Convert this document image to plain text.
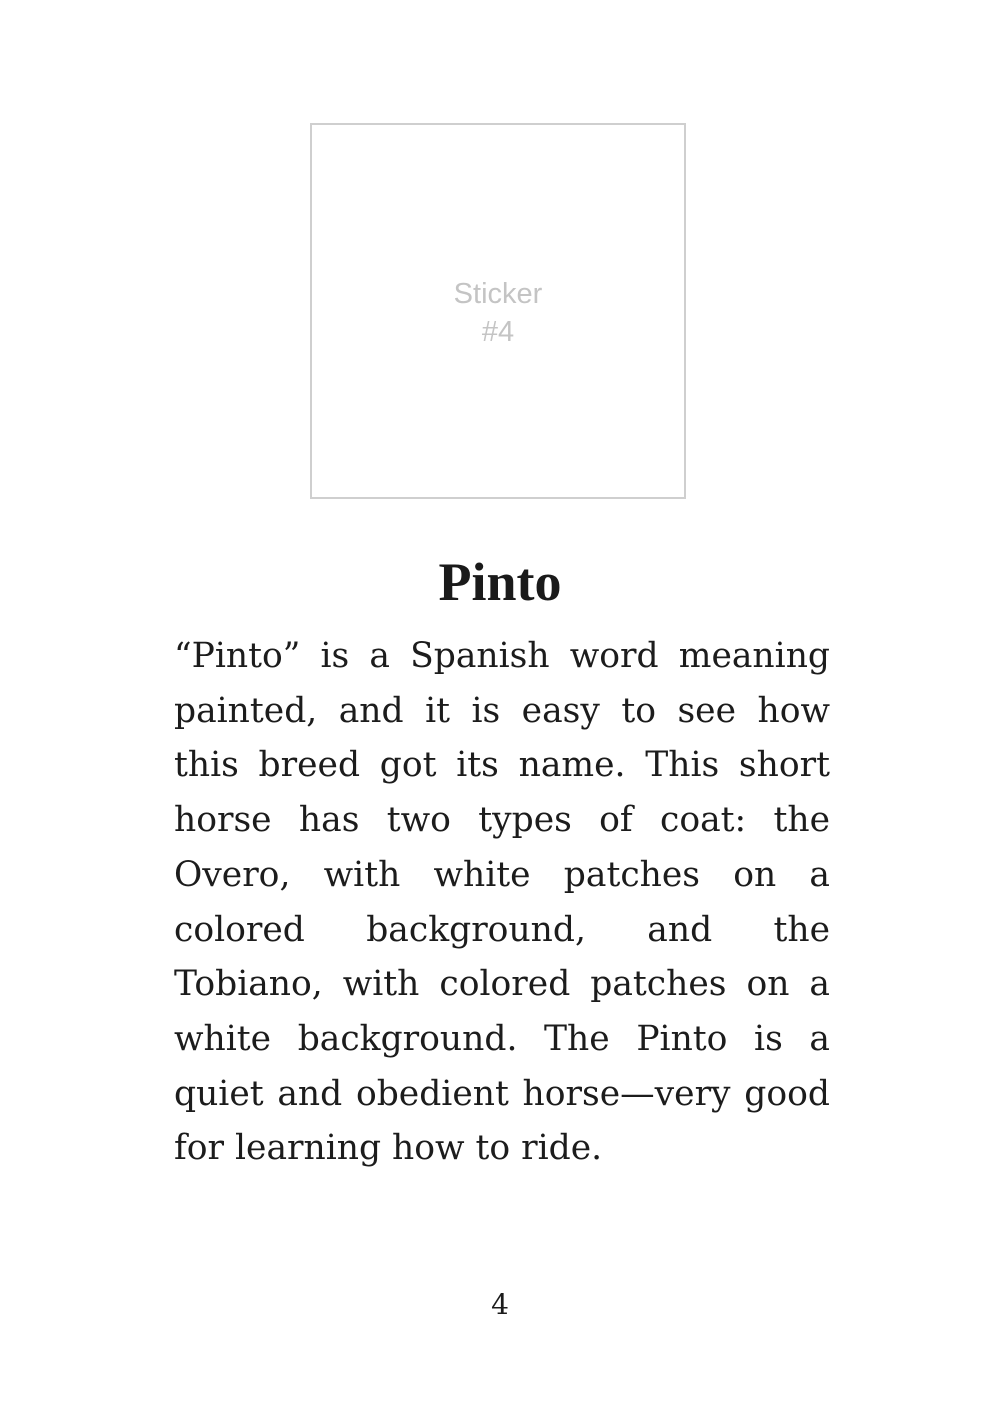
Sticker
#4
Pinto

“Pinto” is a Spanish word meaning painted, and it is easy to see how this breed got its name. This short horse has two types of coat: the Overo, with white patches on a colored background, and the Tobiano, with colored patches on a white background. The Pinto is a quiet and obedient horse—very good for learning how to ride.

4
